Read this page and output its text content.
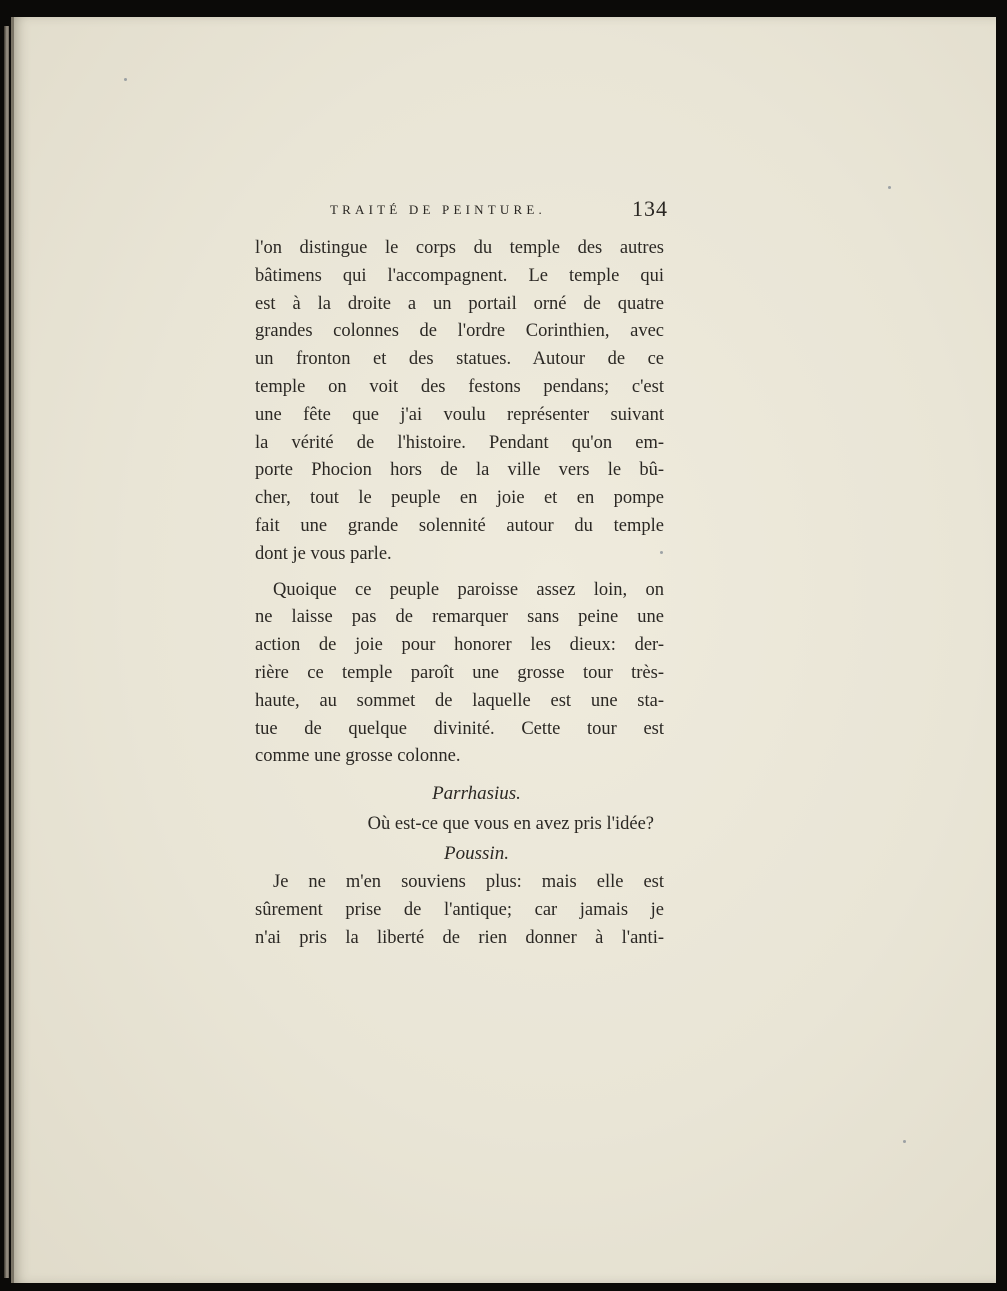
TRAITÉ DE PEINTURE.	134
l'on distingue le corps du temple des autres
bâtimens qui l'accompagnent. Le temple qui
est à la droite a un portail orné de quatre
grandes colonnes de l'ordre Corinthien, avec
un fronton et des statues. Autour de ce
temple on voit des festons pendans; c'est
une fête que j'ai voulu représenter suivant
la vérité de l'histoire. Pendant qu'on em-
porte Phocion hors de la ville vers le bû-
cher, tout le peuple en joie et en pompe
fait une grande solennité autour du temple
dont je vous parle.
Quoique ce peuple paroisse assez loin, on
ne laisse pas de remarquer sans peine une
action de joie pour honorer les dieux: der-
rière ce temple paroît une grosse tour très-
haute, au sommet de laquelle est une sta-
tue de quelque divinité. Cette tour est
comme une grosse colonne.
Parrhasius.
Où est-ce que vous en avez pris l'idée?
Poussin.
Je ne m'en souviens plus: mais elle est
sûrement prise de l'antique; car jamais je
n'ai pris la liberté de rien donner à l'anti-
